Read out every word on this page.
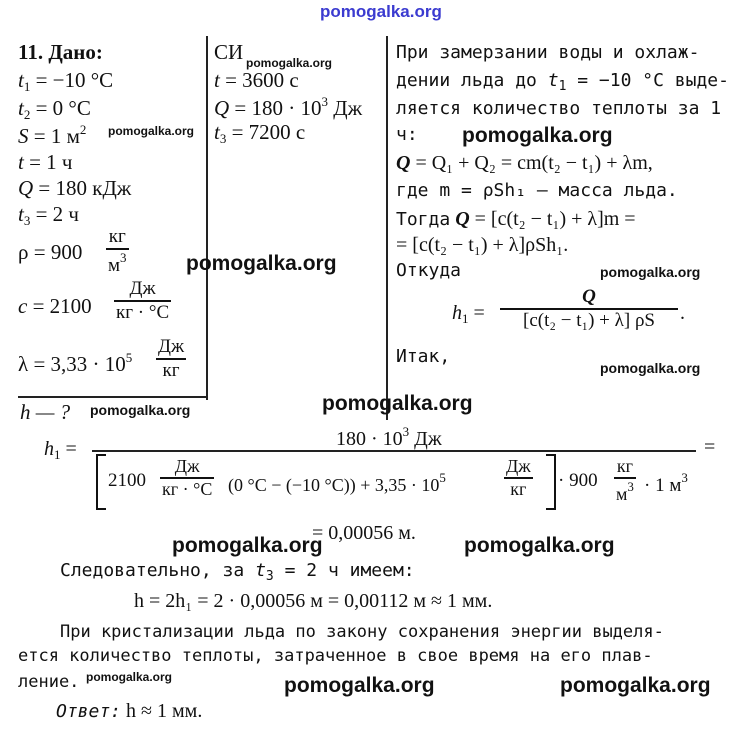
pomogalka.org
11. Дано:
$t_1 = -10$ °C
$t_2 = 0$ °C
S = 1 $м^2$ pomogalka.org
t = 1 ч
Q = 180 кДж
$t_3 = 2$ ч
ρ = 900
кг
$м^3$
c = 2100
Дж
кг · °C
$\lambda = 3,33 \cdot 10^5$
Дж
кг
h — ? pomogalka.org
СИ pomogalka.org
t = 3600 с
$Q = 180 \cdot 10^3$ Дж
$t_3 = 7200$ с
При замерзании воды и охлаж-
дении льда до $t_1 = -10$ °C выде-
ляется количество теплоты за 1
ч: pomogalka.org
Q = Q₁ + Q₂ = cm(t₂ − t₁) + λm,
где m = ρSh₁ — масса льда.
Тогда Q = [c(t₂ − t₁) + λ]m =
= [c(t₂ − t₁) + λ]ρSh₁.
Откуда	pomogalka.org
$h_1$ =
Q
[c(t₂ − t₁) + λ] ρS .
Итак,
pomogalka.org
pomogalka.org
pomogalka.org
$h_1$ =	$180 \cdot 10^3$ Дж	=
2100
Дж
кг · °C (0 °C − (−10 $^\circ C)) + 3,35 \cdot 10^5$
Дж
кг · 900
кг
$м^3 \cdot 1$ $м^3$
= 0,00056 м.
pomogalka.org	pomogalka.org
Следовательно, за $t_3 = 2$ ч имеем:
h = 2h₁ = 2 · 0,00056 м = 0,00112 м ≈ 1 мм.
При кристализации льда по закону сохранения энергии выделя-
ется количество теплоты, затраченное в свое время на его плав-
ление. pomogalka.org	pomogalka.org	pomogalka.org
Ответ: h ≈ 1 мм.
